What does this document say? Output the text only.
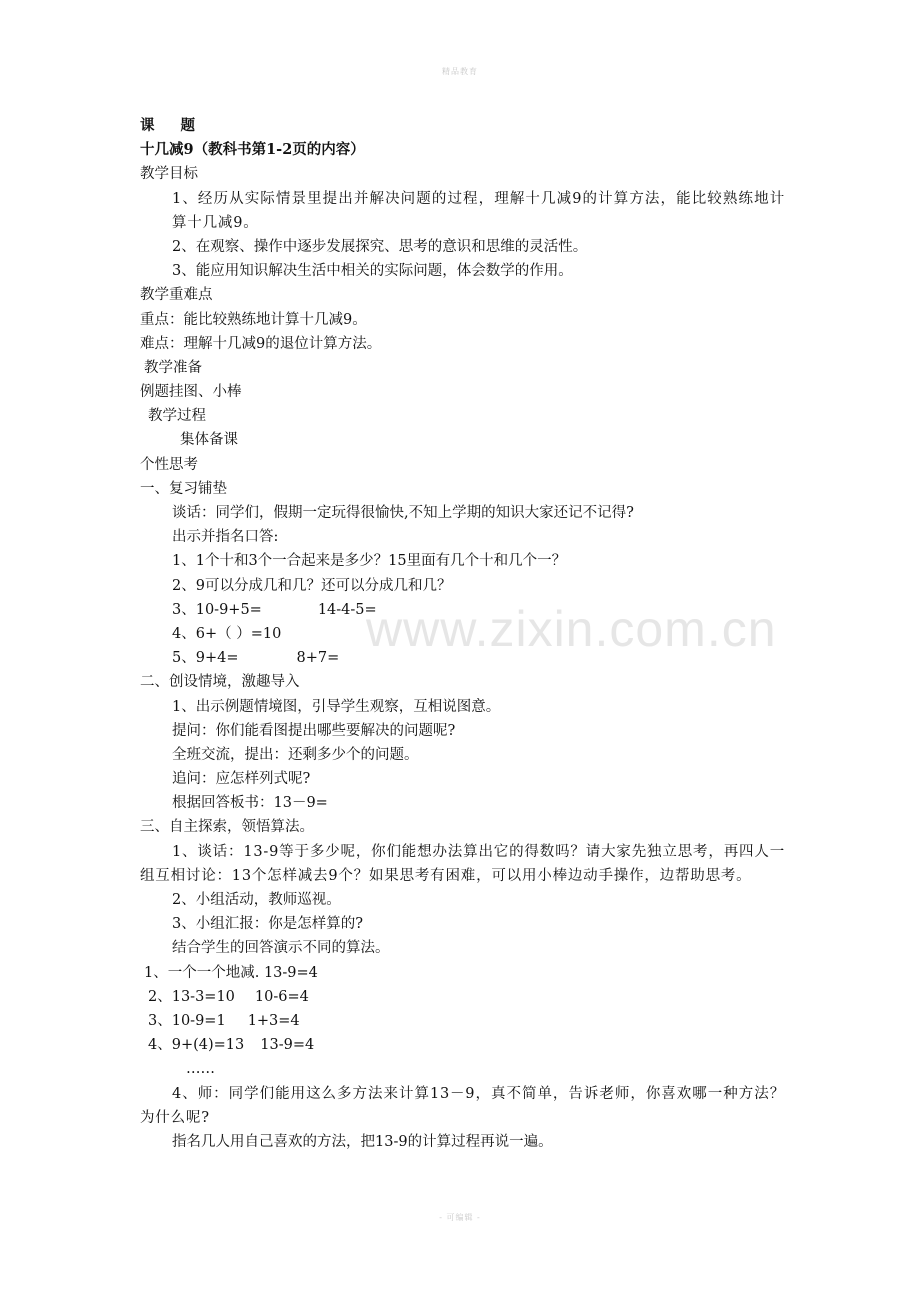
精品教育
www.zixin.com.cn
课 题
十几减9（教科书第1-2页的内容）
教学目标
1、经历从实际情景里提出并解决问题的过程，理解十几减9的计算方法，能比较熟练地计算十几减9。
2、在观察、操作中逐步发展探究、思考的意识和思维的灵活性。
3、能应用知识解决生活中相关的实际问题，体会数学的作用。
教学重难点
重点：能比较熟练地计算十几减9。
难点：理解十几减9的退位计算方法。
教学准备
例题挂图、小棒
教学过程
集体备课
个性思考
一、复习铺垫
谈话：同学们，假期一定玩得很愉快,不知上学期的知识大家还记不记得?
出示并指名口答:
1、1个十和3个一合起来是多少？15里面有几个十和几个一？
2、9可以分成几和几？还可以分成几和几？
3、10-9+5=	14-4-5=
4、6+（ ）=10
5、9+4=	8+7=
二、创设情境，激趣导入
1、出示例题情境图，引导学生观察，互相说图意。
提问：你们能看图提出哪些要解决的问题呢?
全班交流，提出：还剩多少个的问题。
追问：应怎样列式呢?
根据回答板书：13－9=
三、自主探索，领悟算法。
1、谈话：13-9等于多少呢，你们能想办法算出它的得数吗？请大家先独立思考，再四人一组互相讨论：13个怎样减去9个？如果思考有困难，可以用小棒边动手操作，边帮助思考。
2、小组活动，教师巡视。
3、小组汇报：你是怎样算的?
结合学生的回答演示不同的算法。
1、一个一个地减. 13-9=4
2、13-3=10 10-6=4
3、10-9=1 1+3=4
4、9+(4)=13 13-9=4
……
4、师：同学们能用这么多方法来计算13－9，真不简单，告诉老师，你喜欢哪一种方法？为什么呢?
指名几人用自己喜欢的方法，把13-9的计算过程再说一遍。
- 可编辑 -
